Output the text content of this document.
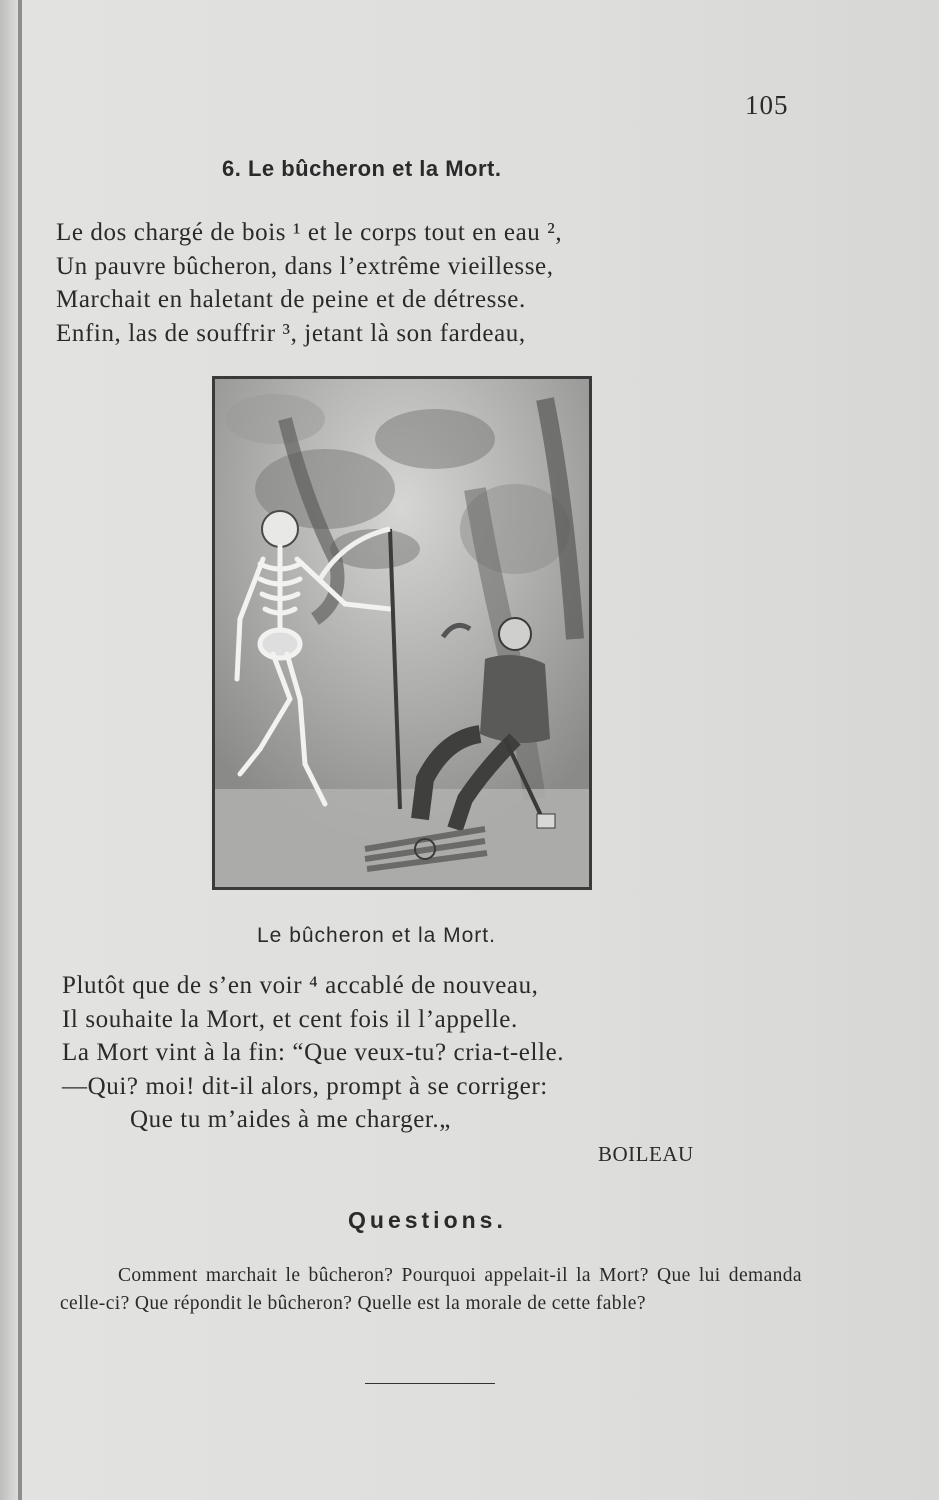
105
6. Le bûcheron et la Mort.

Le dos chargé de bois ¹ et le corps tout en eau ²,
Un pauvre bûcheron, dans l’extrême vieillesse,
Marchait en haletant de peine et de détresse.
Enfin, las de souffrir ³, jetant là son fardeau,

Le bûcheron et la Mort.

Plutôt que de s’en voir ⁴ accablé de nouveau,
Il souhaite la Mort, et cent fois il l’appelle.
La Mort vint à la fin: “Que veux-tu? cria-t-elle.
—Qui? moi! dit-il alors, prompt à se corriger:
Que tu m’aides à me charger.„

BOILEAU
Questions.

Comment marchait le bûcheron? Pourquoi appelait-il la Mort? Que lui demanda celle-ci? Que répondit le bûcheron? Quelle est la morale de cette fable?
